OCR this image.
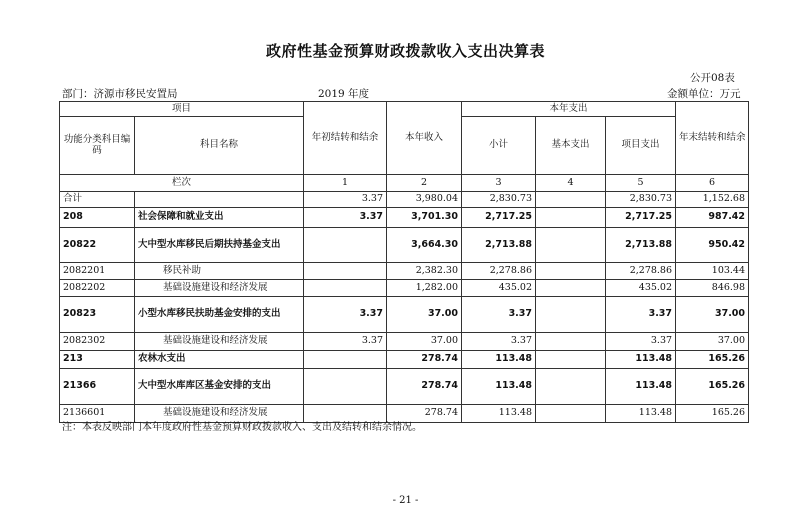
政府性基金预算财政拨款收入支出决算表
公开08表
部门：济源市移民安置局	2019 年度	金额单位：万元
项目		年初结转和结余	本年收入	本年支出			年末结转和结余
功能分类科目编码	科目名称			小计	基本支出	项目支出	
栏次		1	2	3	4	5	6
合计		3.37	3,980.04	2,830.73		2,830.73	1,152.68
208	社会保障和就业支出	3.37	3,701.30	2,717.25		2,717.25	987.42
20822	大中型水库移民后期扶持基金支出		3,664.30	2,713.88		2,713.88	950.42
2082201	移民补助		2,382.30	2,278.86		2,278.86	103.44
2082202	基础设施建设和经济发展		1,282.00	435.02		435.02	846.98
20823	小型水库移民扶助基金安排的支出	3.37	37.00	3.37		3.37	37.00
2082302	基础设施建设和经济发展	3.37	37.00	3.37		3.37	37.00
213	农林水支出		278.74	113.48		113.48	165.26
21366	大中型水库库区基金安排的支出		278.74	113.48		113.48	165.26
2136601	基础设施建设和经济发展		278.74	113.48		113.48	165.26
注：本表反映部门本年度政府性基金预算财政拨款收入、支出及结转和结余情况。
- 21 -
